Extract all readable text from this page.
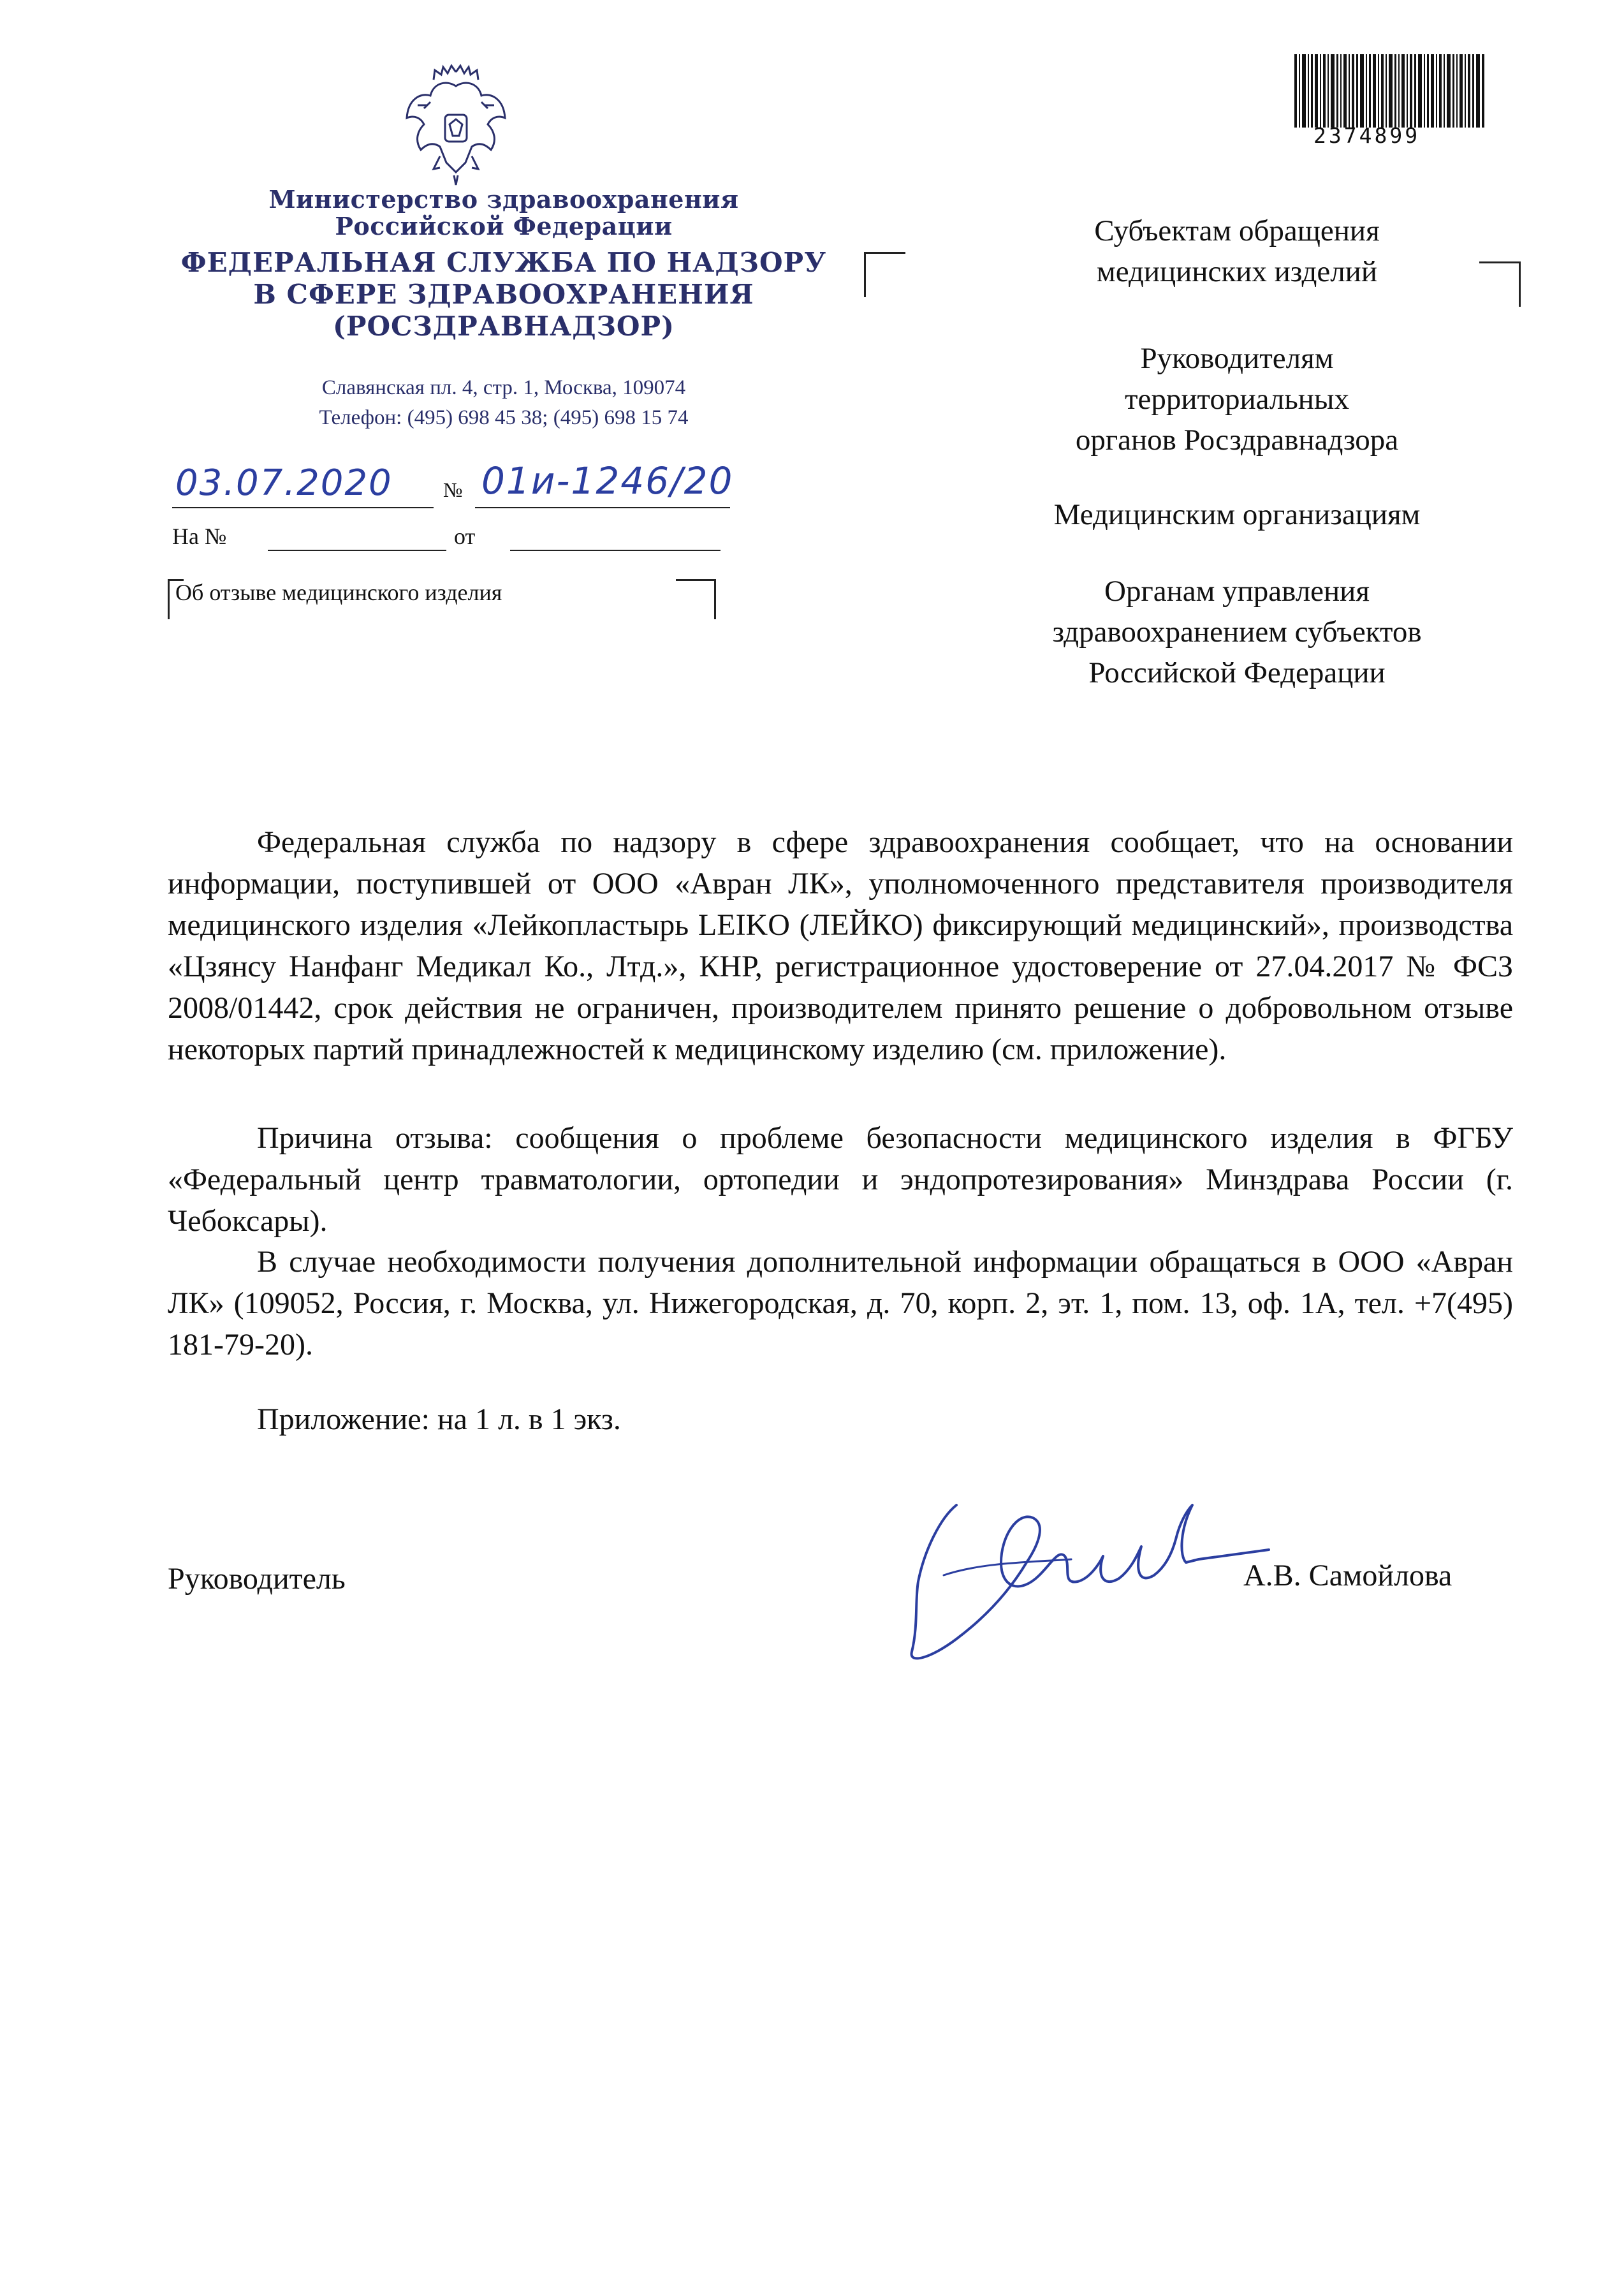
Министерство здравоохранения
Российской Федерации
ФЕДЕРАЛЬНАЯ СЛУЖБА ПО НАДЗОРУ
В СФЕРЕ ЗДРАВООХРАНЕНИЯ
(РОСЗДРАВНАДЗОР)
Славянская пл. 4, стр. 1, Москва, 109074
Телефон: (495) 698 45 38; (495) 698 15 74
03.07.2020 № 01и-1246/20
На №	от
Об отзыве медицинского изделия
2374899
Субъектам обращения
медицинских изделий
Руководителям
территориальных
органов Росздравнадзора
Медицинским организациям
Органам управления
здравоохранением субъектов
Российской Федерации
Федеральная служба по надзору в сфере здравоохранения сообщает, что на основании информации, поступившей от ООО «Авран ЛК», уполномоченного представителя производителя медицинского изделия «Лейкопластырь LEIKO (ЛЕЙКО) фиксирующий медицинский», производства «Цзянсу Нанфанг Медикал Ко., Лтд.», КНР, регистрационное удостоверение от 27.04.2017 № ФСЗ 2008/01442, срок действия не ограничен, производителем принято решение о добровольном отзыве некоторых партий принадлежностей к медицинскому изделию (см. приложение).
Причина отзыва: сообщения о проблеме безопасности медицинского изделия в ФГБУ «Федеральный центр травматологии, ортопедии и эндопротезирования» Минздрава России (г. Чебоксары).
В случае необходимости получения дополнительной информации обращаться в ООО «Авран ЛК» (109052, Россия, г. Москва, ул. Нижегородская, д. 70, корп. 2, эт. 1, пом. 13, оф. 1А, тел. +7(495) 181-79-20).
Приложение: на 1 л. в 1 экз.
Руководитель	А.В. Самойлова
